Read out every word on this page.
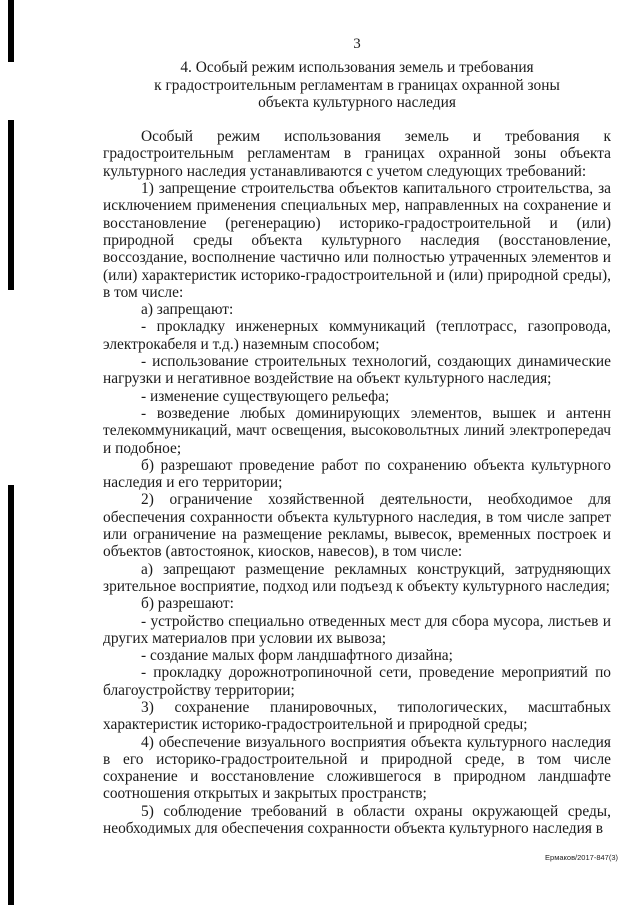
3
4. Особый режим использования земель и требования
к градостроительным регламентам в границах охранной зоны
объекта культурного наследия

Особый режим использования земель и требования к градостроительным регламентам в границах охранной зоны объекта культурного наследия устанавливаются с учетом следующих требований:

1) запрещение строительства объектов капитального строительства, за исключением применения специальных мер, направленных на сохранение и восстановление (регенерацию) историко-градостроительной и (или) природной среды объекта культурного наследия (восстановление, воссоздание, восполнение частично или полностью утраченных элементов и (или) характеристик историко-градостроительной и (или) природной среды), в том числе:

а) запрещают:

- прокладку инженерных коммуникаций (теплотрасс, газопровода, электрокабеля и т.д.) наземным способом;

- использование строительных технологий, создающих динамические нагрузки и негативное воздействие на объект культурного наследия;

- изменение существующего рельефа;

- возведение любых доминирующих элементов, вышек и антенн телекоммуникаций, мачт освещения, высоковольтных линий электропередач и подобное;

б) разрешают проведение работ по сохранению объекта культурного наследия и его территории;

2) ограничение хозяйственной деятельности, необходимое для обеспечения сохранности объекта культурного наследия, в том числе запрет или ограничение на размещение рекламы, вывесок, временных построек и объектов (автостоянок, киосков, навесов), в том числе:

а) запрещают размещение рекламных конструкций, затрудняющих зрительное восприятие, подход или подъезд к объекту культурного наследия;

б) разрешают:

- устройство специально отведенных мест для сбора мусора, листьев и других материалов при условии их вывоза;

- создание малых форм ландшафтного дизайна;

- прокладку дорожнотропиночной сети, проведение мероприятий по благоустройству территории;

3) сохранение планировочных, типологических, масштабных характеристик историко-градостроительной и природной среды;

4) обеспечение визуального восприятия объекта культурного наследия в его историко-градостроительной и природной среде, в том числе сохранение и восстановление сложившегося в природном ландшафте соотношения открытых и закрытых пространств;

5) соблюдение требований в области охраны окружающей среды, необходимых для обеспечения сохранности объекта культурного наследия в

Ермаков/2017-847(3)
